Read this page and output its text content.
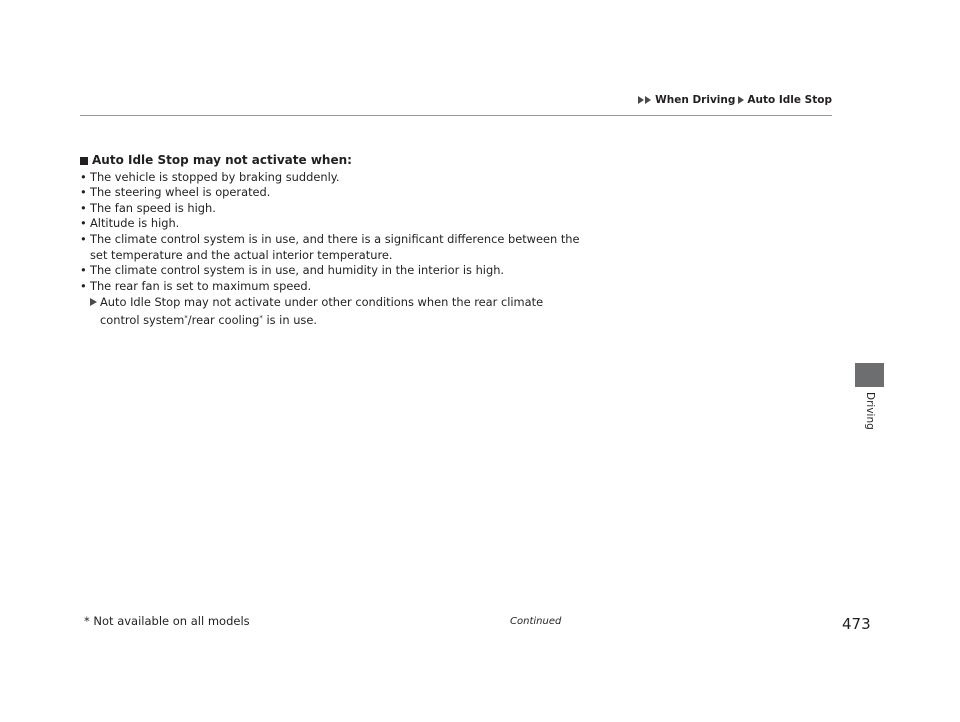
When Driving Auto Idle Stop
Auto Idle Stop may not activate when:
• The vehicle is stopped by braking suddenly.
• The steering wheel is operated.
• The fan speed is high.
• Altitude is high.
• The climate control system is in use, and there is a significant difference between the set temperature and the actual interior temperature.
• The climate control system is in use, and humidity in the interior is high.
• The rear fan is set to maximum speed.
Auto Idle Stop may not activate under other conditions when the rear climate control system*/rear cooling* is in use.
Driving
* Not available on all models	Continued	473
